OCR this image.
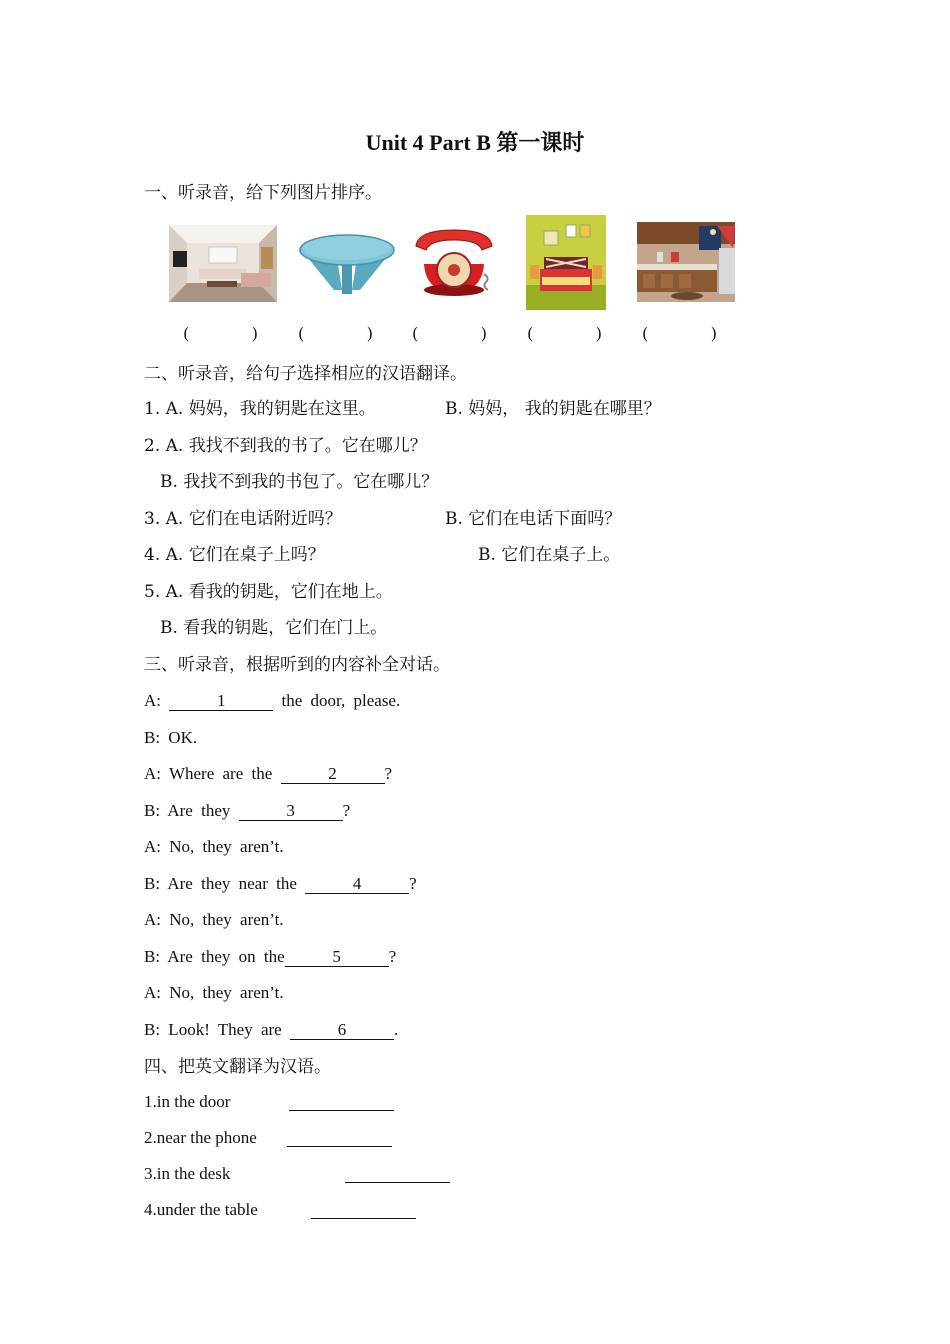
Unit 4 Part B 第一课时
一、听录音，给下列图片排序。
(	)	(	) (	)	(	)	(	)
二、听录音，给句子选择相应的汉语翻译。
1. A. 妈妈，我的钥匙在这里。	B. 妈妈， 我的钥匙在哪里？
2. A. 我找不到我的书了。它在哪儿？
B. 我找不到我的书包了。它在哪儿？
3. A. 它们在电话附近吗？	B. 它们在电话下面吗？
4. A. 它们在桌子上吗？	B. 它们在桌子上。
5. A. 看我的钥匙，它们在地上。
B. 看我的钥匙，它们在门上。
三、听录音，根据听到的内容补全对话。
A:	1	the door, please.
B: OK.
A: Where are the	2	?
B: Are they	3	?
A: No, they aren’t.
B: Are they near the	4	?
A: No, they aren’t.
B: Are they on the	5	?
A: No, they aren’t.
B: Look! They are	6	.
四、把英文翻译为汉语。
1.in the door
2.near the phone
3.in the desk
4.under the table
